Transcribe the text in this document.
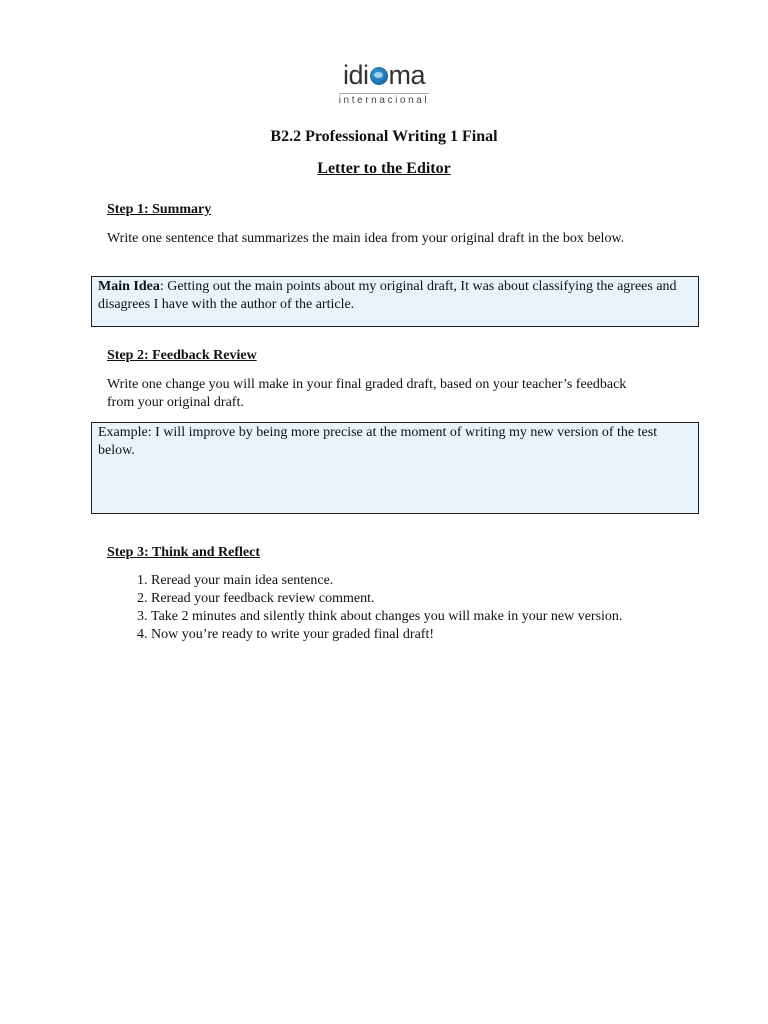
idi ma

internacional
B2.2 Professional Writing 1 Final
Letter to the Editor
Step 1: Summary
Write one sentence that summarizes the main idea from your original draft in the box below.
Main Idea: Getting out the main points about my original draft, It was about classifying the agrees and disagrees I have with the author of the article.
Step 2: Feedback Review
Write one change you will make in your final graded draft, based on your teacher’s feedback from your original draft.
Example: I will improve by being more precise at the moment of writing my new version of the test below.
Step 3: Think and Reflect
1. Reread your main idea sentence.
2. Reread your feedback review comment.
3. Take 2 minutes and silently think about changes you will make in your new version.
4. Now you’re ready to write your graded final draft!
